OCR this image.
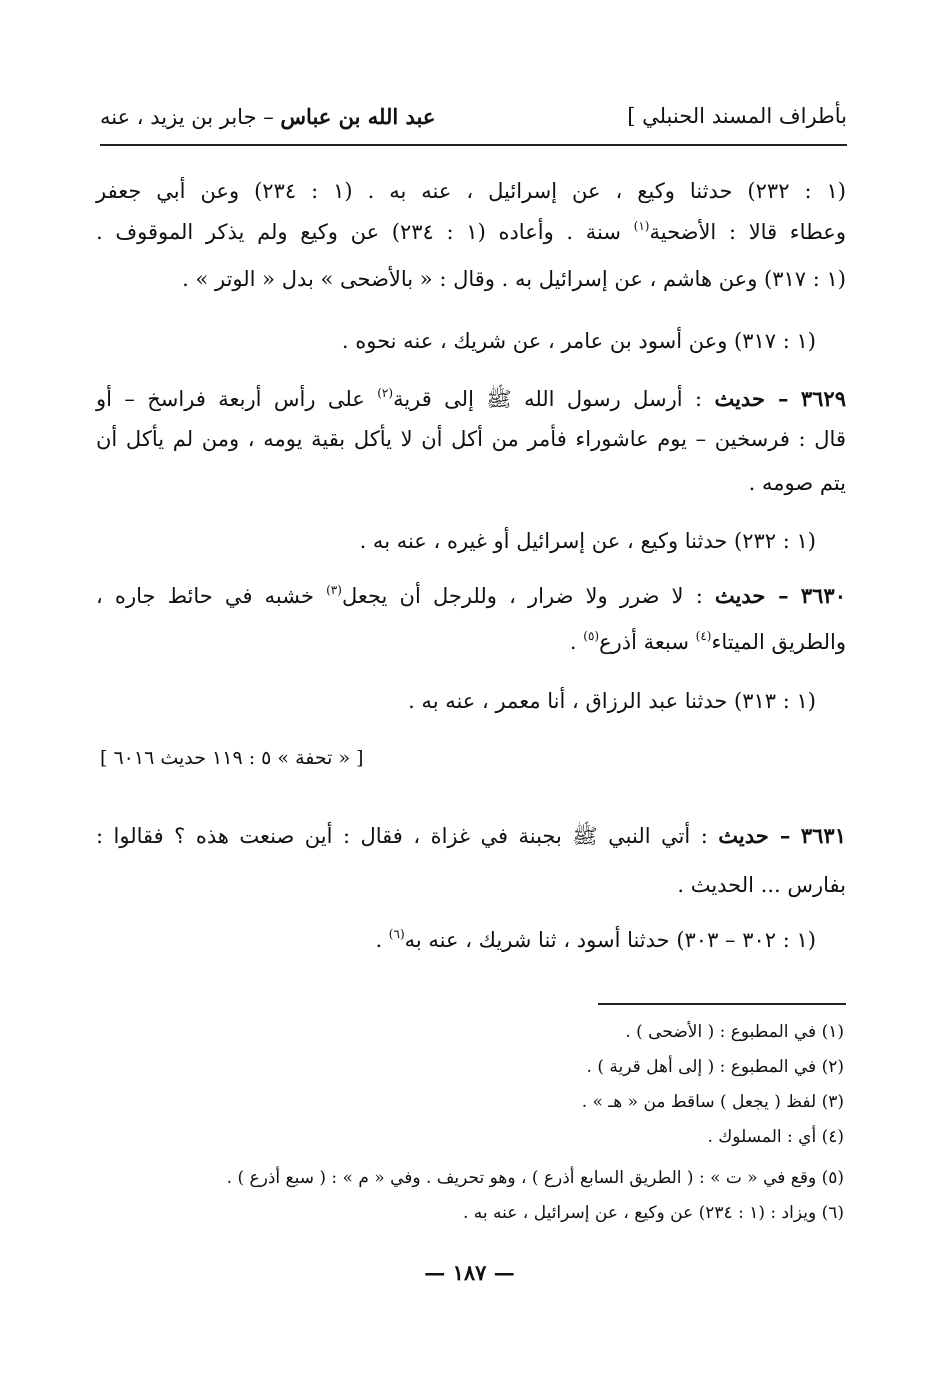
بأطراف المسند الحنبلي ]
عبد الله بن عباس – جابر بن يزيد ، عنه
(١ : ٢٣٢) حدثنا وكيع ، عن إسرائيل ، عنه به . (١ : ٢٣٤) وعن أبي جعفر
وعطاء قالا : الأضحية$^{(١)}$ سنة . وأعاده (١ : ٢٣٤) عن وكيع ولم يذكر الموقوف .
(١ : ٣١٧) وعن هاشم ، عن إسرائيل به . وقال : « بالأضحى » بدل « الوتر » .
(١ : ٣١٧) وعن أسود بن عامر ، عن شريك ، عنه نحوه .
٣٦٢٩ – حديث : أرسل رسول الله ﷺ إلى قرية$^{(٢)}$ على رأس أربعة فراسخ – أو
قال : فرسخين – يوم عاشوراء فأمر من أكل أن لا يأكل بقية يومه ، ومن لم يأكل أن
يتم صومه .
(١ : ٢٣٢) حدثنا وكيع ، عن إسرائيل أو غيره ، عنه به .
٣٦٣٠ – حديث : لا ضرر ولا ضرار ، وللرجل أن يجعل$^{(٣)}$ خشبه في حائط جاره ،
والطريق الميتاء$^{(٤)}$ سبعة أذرع$^{(٥)}$ .
(١ : ٣١٣) حدثنا عبد الرزاق ، أنا معمر ، عنه به .
[ « تحفة » ٥ : ١١٩ حديث ٦٠١٦ ]
٣٦٣١ – حديث : أتي النبي ﷺ بجبنة في غزاة ، فقال : أين صنعت هذه ؟ فقالوا :
بفارس ... الحديث .
(١ : ٣٠٢ – ٣٠٣) حدثنا أسود ، ثنا شريك ، عنه به$^{(٦)}$ .
(١) في المطبوع : ( الأضحى ) .
(٢) في المطبوع : ( إلى أهل قرية ) .
(٣) لفظ ( يجعل ) ساقط من « هـ » .
(٤) أي : المسلوك .
(٥) وقع في « ت » : ( الطريق السابع أذرع ) ، وهو تحريف . وفي « م » : ( سبع أذرع ) .
(٦) ويزاد : (١ : ٢٣٤) عن وكيع ، عن إسرائيل ، عنه به .
— ١٨٧ —
